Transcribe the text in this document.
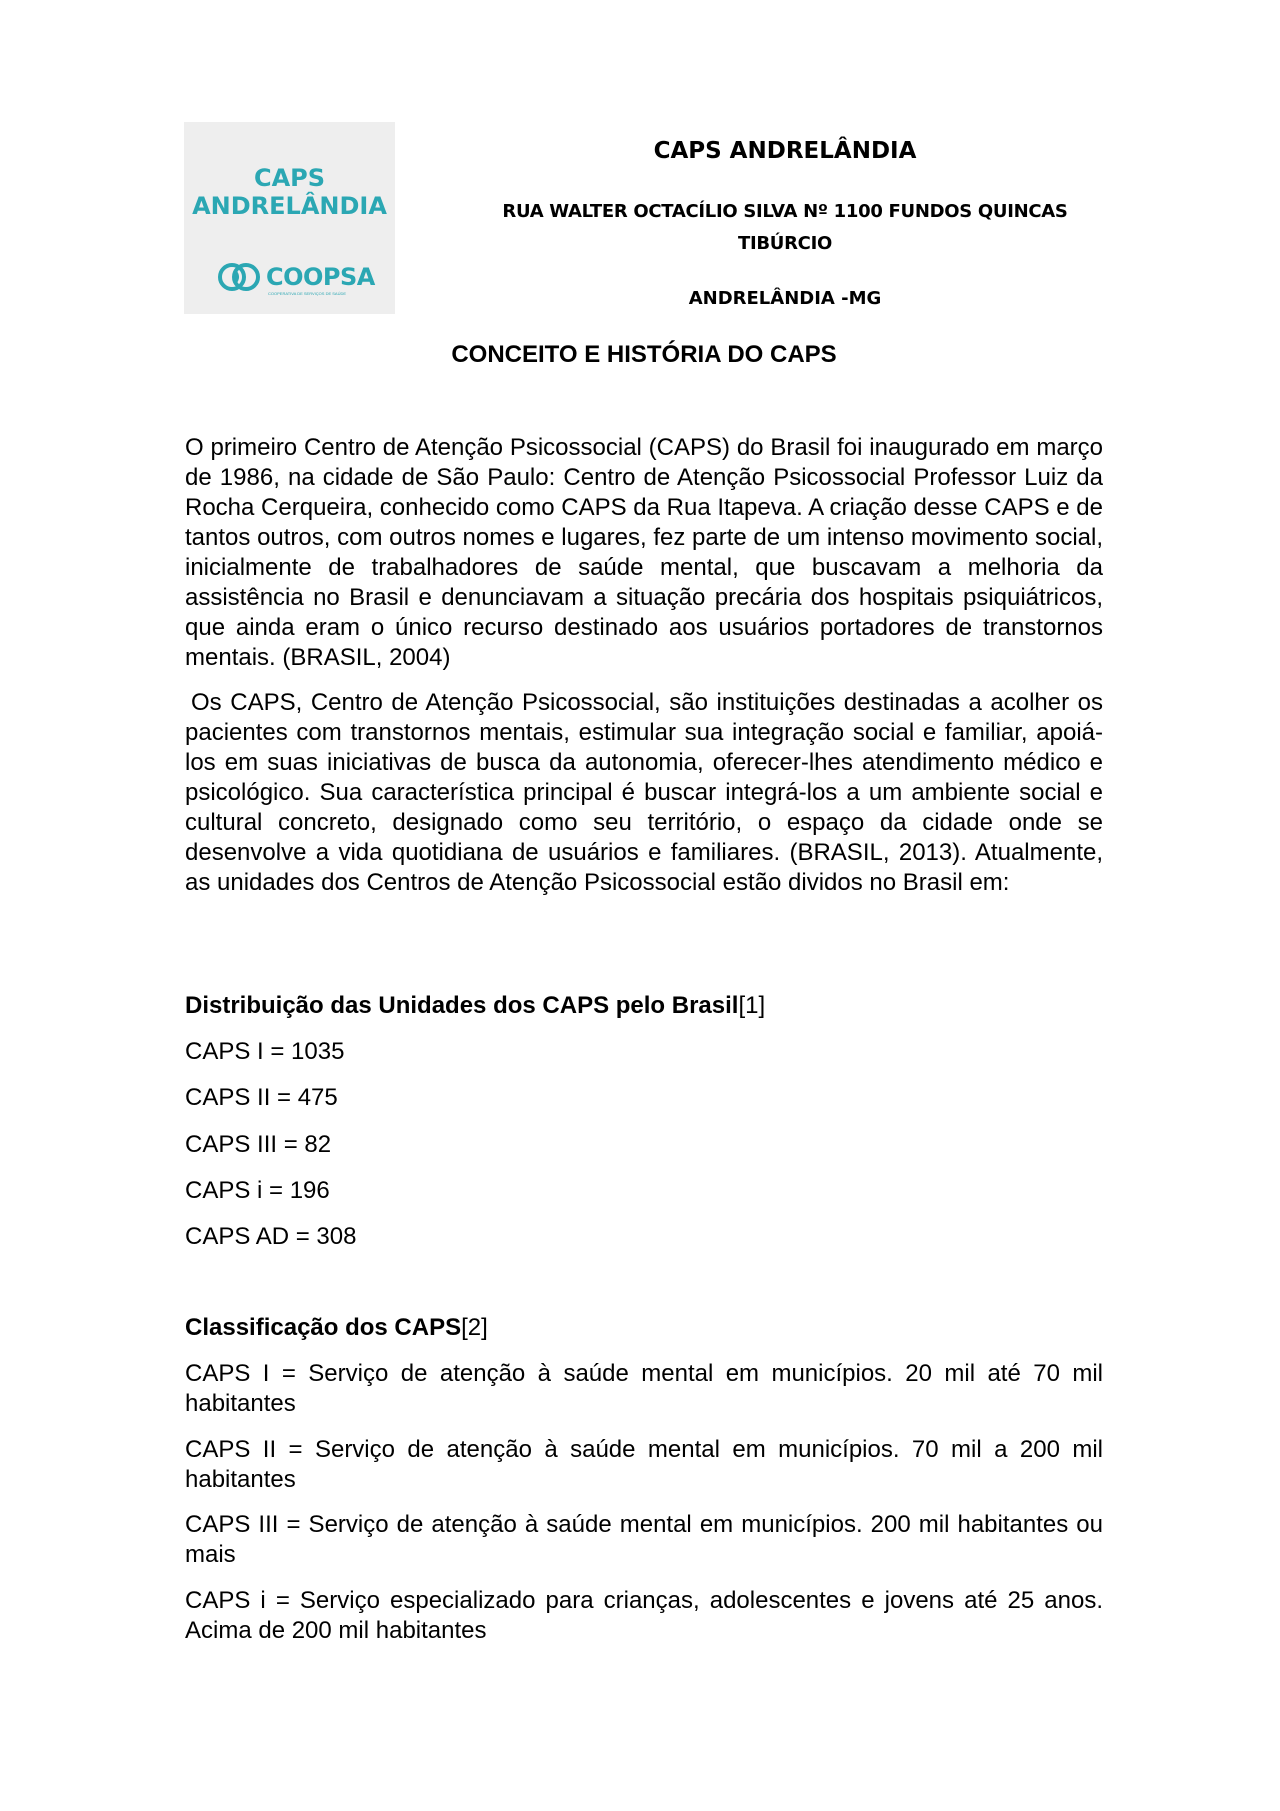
CAPS
ANDRELÂNDIA
COOPSA
COOPERATIVA DE SERVIÇOS DE SAÚDE
CAPS ANDRELÂNDIA
RUA WALTER OCTACÍLIO SILVA Nº 1100 FUNDOS QUINCAS
TIBÚRCIO
ANDRELÂNDIA -MG
CONCEITO E HISTÓRIA DO CAPS

O primeiro Centro de Atenção Psicossocial (CAPS) do Brasil foi inaugurado em março de 1986, na cidade de São Paulo: Centro de Atenção Psicossocial Professor Luiz da Rocha Cerqueira, conhecido como CAPS da Rua Itapeva. A criação desse CAPS e de tantos outros, com outros nomes e lugares, fez parte de um intenso movimento social, inicialmente de trabalhadores de saúde mental, que buscavam a melhoria da assistência no Brasil e denunciavam a situação precária dos hospitais psiquiátricos, que ainda eram o único recurso destinado aos usuários portadores de transtornos mentais. (BRASIL, 2004)

Os CAPS, Centro de Atenção Psicossocial, são instituições destinadas a acolher os pacientes com transtornos mentais, estimular sua integração social e familiar, apoiá-los em suas iniciativas de busca da autonomia, oferecer-lhes atendimento médico e psicológico. Sua característica principal é buscar integrá-los a um ambiente social e cultural concreto, designado como seu território, o espaço da cidade onde se desenvolve a vida quotidiana de usuários e familiares. (BRASIL, 2013). Atualmente, as unidades dos Centros de Atenção Psicossocial estão dividos no Brasil em:

Distribuição das Unidades dos CAPS pelo Brasil[1]

CAPS I = 1035

CAPS II = 475

CAPS III = 82

CAPS i = 196

CAPS AD = 308

Classificação dos CAPS[2]

CAPS I = Serviço de atenção à saúde mental em municípios. 20 mil até 70 mil habitantes

CAPS II = Serviço de atenção à saúde mental em municípios. 70 mil a 200 mil habitantes

CAPS III = Serviço de atenção à saúde mental em municípios. 200 mil habitantes ou mais

CAPS i = Serviço especializado para crianças, adolescentes e jovens até 25 anos. Acima de 200 mil habitantes
